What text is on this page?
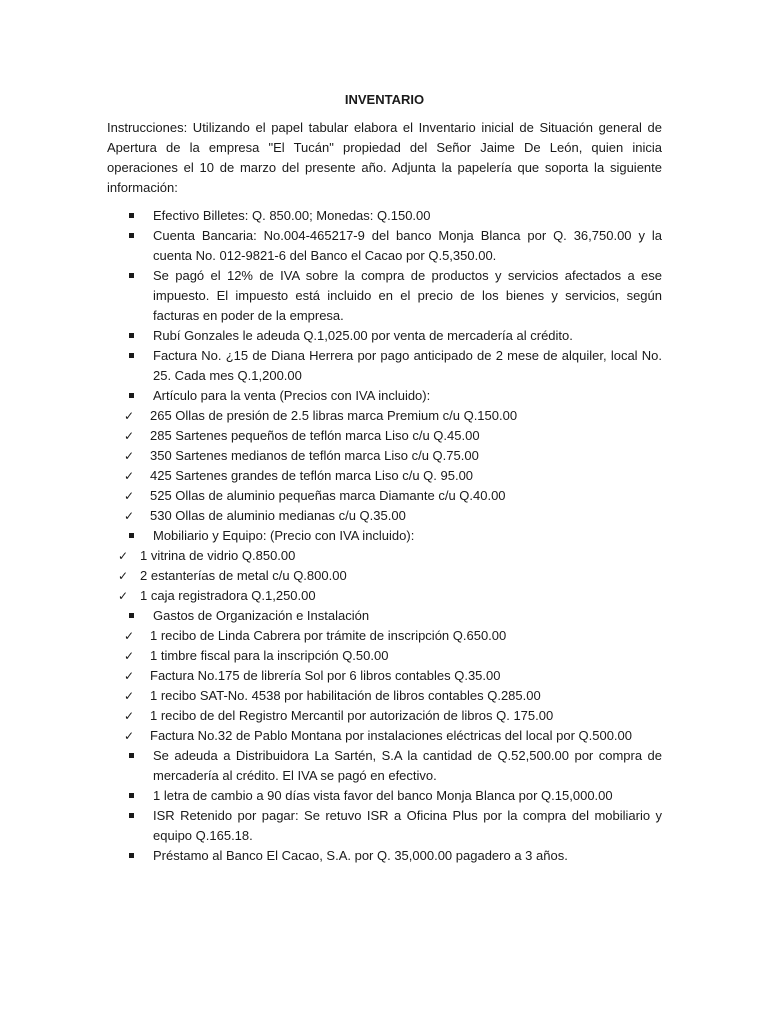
INVENTARIO

Instrucciones: Utilizando el papel tabular elabora el Inventario inicial de Situación general de Apertura de la empresa "El Tucán" propiedad del Señor Jaime De León, quien inicia operaciones el 10 de marzo del presente año. Adjunta la papelería que soporta la siguiente información:

Efectivo Billetes: Q. 850.00; Monedas: Q.150.00
Cuenta Bancaria: No.004-465217-9 del banco Monja Blanca por Q. 36,750.00 y la cuenta No. 012-9821-6 del Banco el Cacao por Q.5,350.00.
Se pagó el 12% de IVA sobre la compra de productos y servicios afectados a ese impuesto. El impuesto está incluido en el precio de los bienes y servicios, según facturas en poder de la empresa.
Rubí Gonzales le adeuda Q.1,025.00 por venta de mercadería al crédito.
Factura No. ¿15 de Diana Herrera por pago anticipado de 2 mese de alquiler, local No. 25. Cada mes Q.1,200.00
Artículo para la venta (Precios con IVA incluido):
✓ 265 Ollas de presión de 2.5 libras marca Premium c/u Q.150.00
✓ 285 Sartenes pequeños de teflón marca Liso c/u Q.45.00
✓ 350 Sartenes medianos de teflón marca Liso c/u Q.75.00
✓ 425 Sartenes grandes de teflón marca Liso c/u Q. 95.00
✓ 525 Ollas de aluminio pequeñas marca Diamante c/u Q.40.00
✓ 530 Ollas de aluminio medianas c/u Q.35.00
Mobiliario y Equipo: (Precio con IVA incluido):
✓ 1 vitrina de vidrio Q.850.00
✓ 2 estanterías de metal c/u Q.800.00
✓ 1 caja registradora Q.1,250.00
Gastos de Organización e Instalación
✓ 1 recibo de Linda Cabrera por trámite de inscripción Q.650.00
✓ 1 timbre fiscal para la inscripción Q.50.00
✓ Factura No.175 de librería Sol por 6 libros contables Q.35.00
✓ 1 recibo SAT-No. 4538 por habilitación de libros contables Q.285.00
✓ 1 recibo de del Registro Mercantil por autorización de libros Q. 175.00
✓ Factura No.32 de Pablo Montana por instalaciones eléctricas del local por Q.500.00
Se adeuda a Distribuidora La Sartén, S.A la cantidad de Q.52,500.00 por compra de mercadería al crédito. El IVA se pagó en efectivo.
1 letra de cambio a 90 días vista favor del banco Monja Blanca por Q.15,000.00
ISR Retenido por pagar: Se retuvo ISR a Oficina Plus por la compra del mobiliario y equipo Q.165.18.
Préstamo al Banco El Cacao, S.A. por Q. 35,000.00 pagadero a 3 años.
